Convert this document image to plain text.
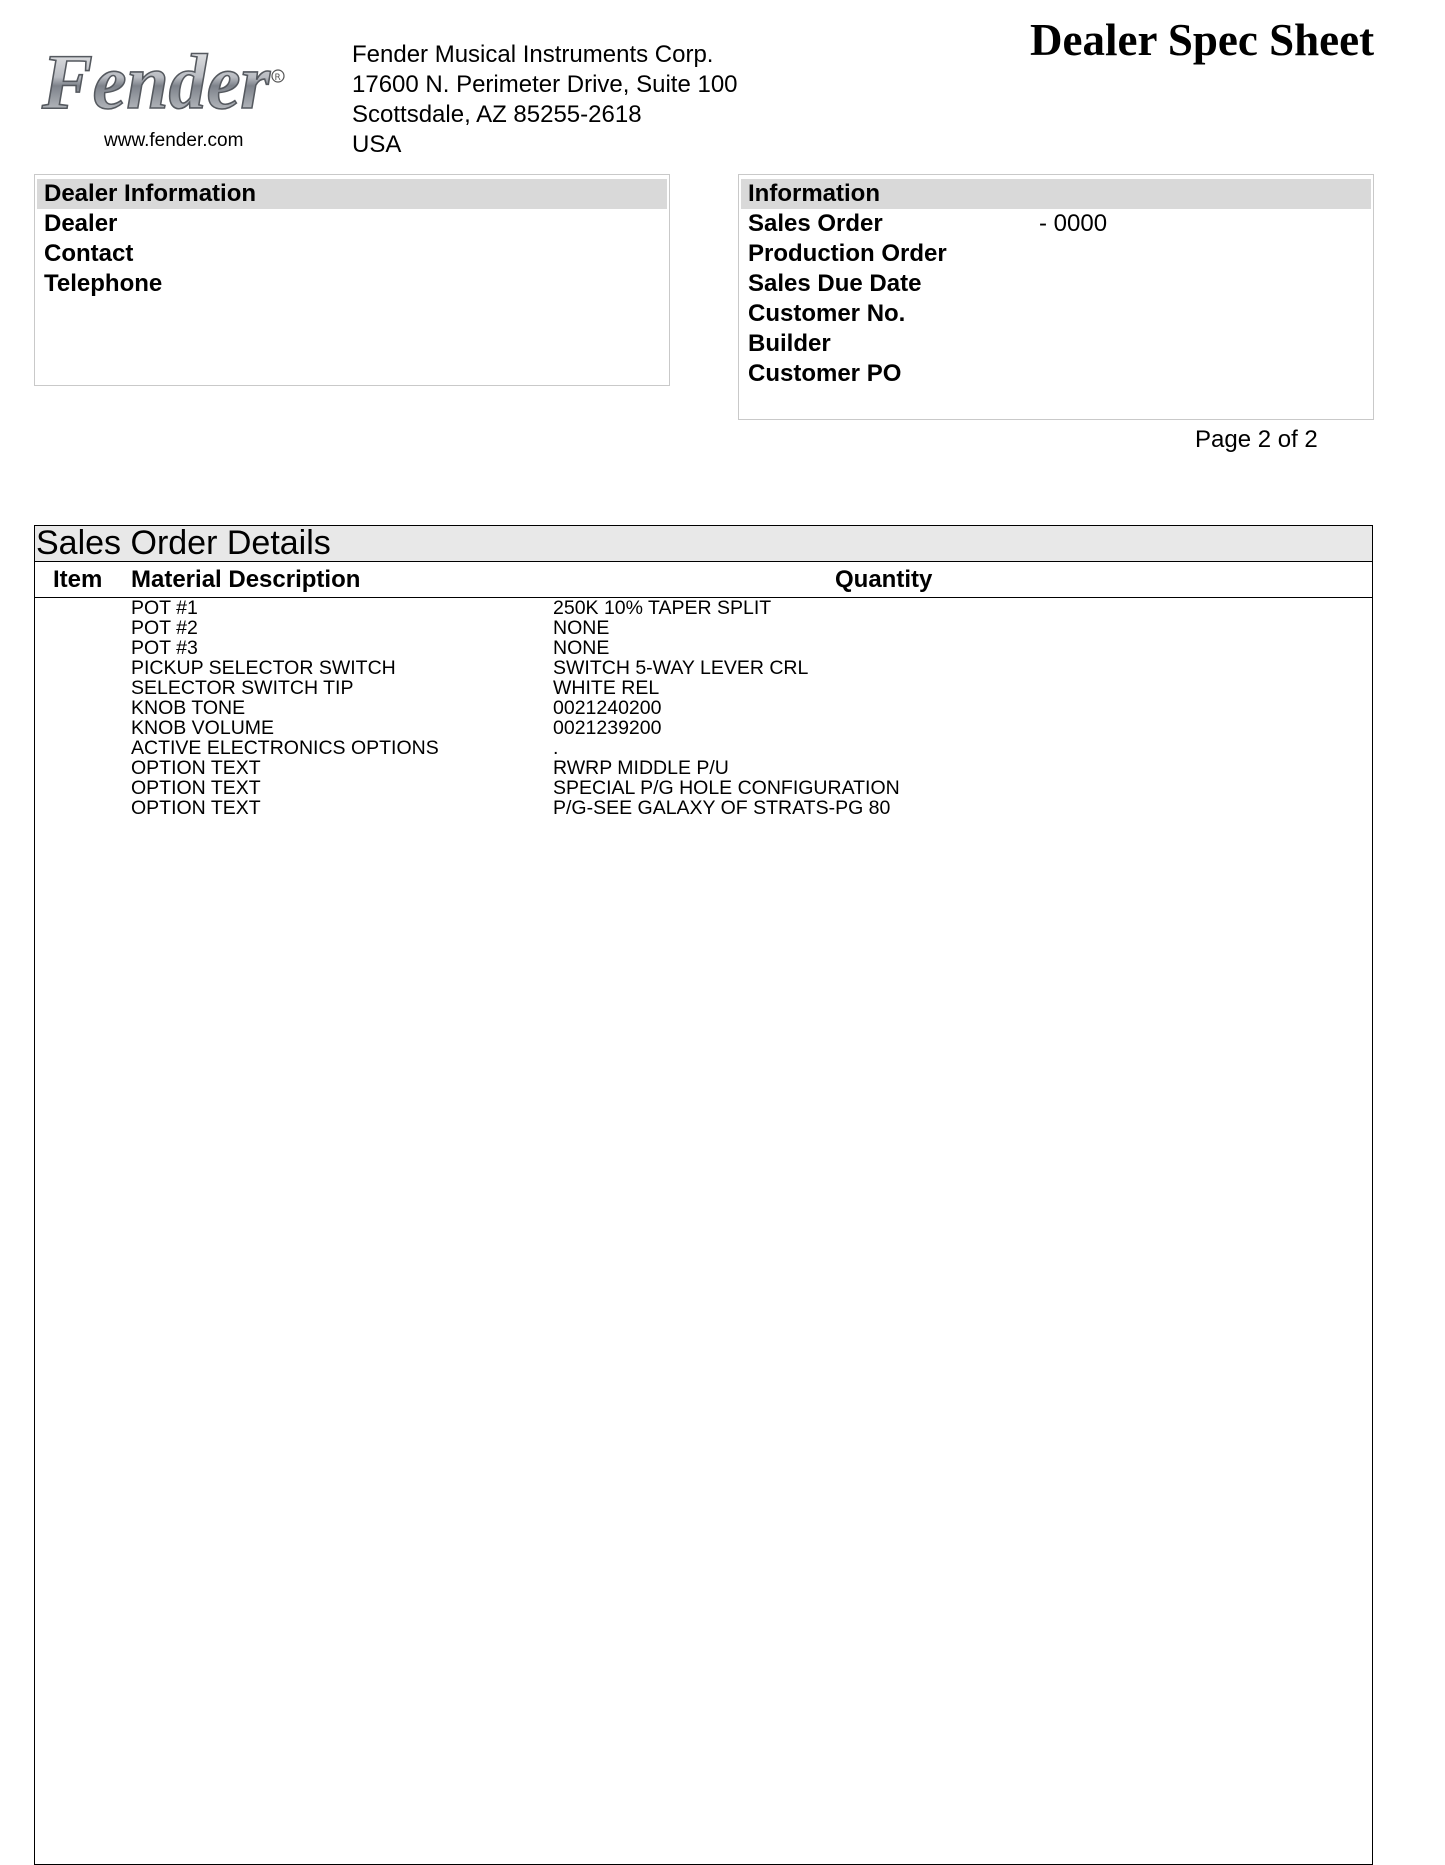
Fender R
www.fender.com
Fender Musical Instruments Corp.
17600 N. Perimeter Drive, Suite 100
Scottsdale, AZ 85255-2618
USA
Dealer Spec Sheet
Dealer Information
Dealer
Contact
Telephone
Information
Sales Order	- 0000
Production Order
Sales Due Date
Customer No.
Builder
Customer PO
Page 2 of 2
Sales Order Details
Item Material Description	Quantity
POT #1	250K 10% TAPER SPLIT
POT #2	NONE
POT #3	NONE
PICKUP SELECTOR SWITCH	SWITCH 5-WAY LEVER CRL
SELECTOR SWITCH TIP	WHITE REL
KNOB TONE	0021240200
KNOB VOLUME	0021239200
ACTIVE ELECTRONICS OPTIONS	.
OPTION TEXT	RWRP MIDDLE P/U
OPTION TEXT	SPECIAL P/G HOLE CONFIGURATION
OPTION TEXT	P/G-SEE GALAXY OF STRATS-PG 80
